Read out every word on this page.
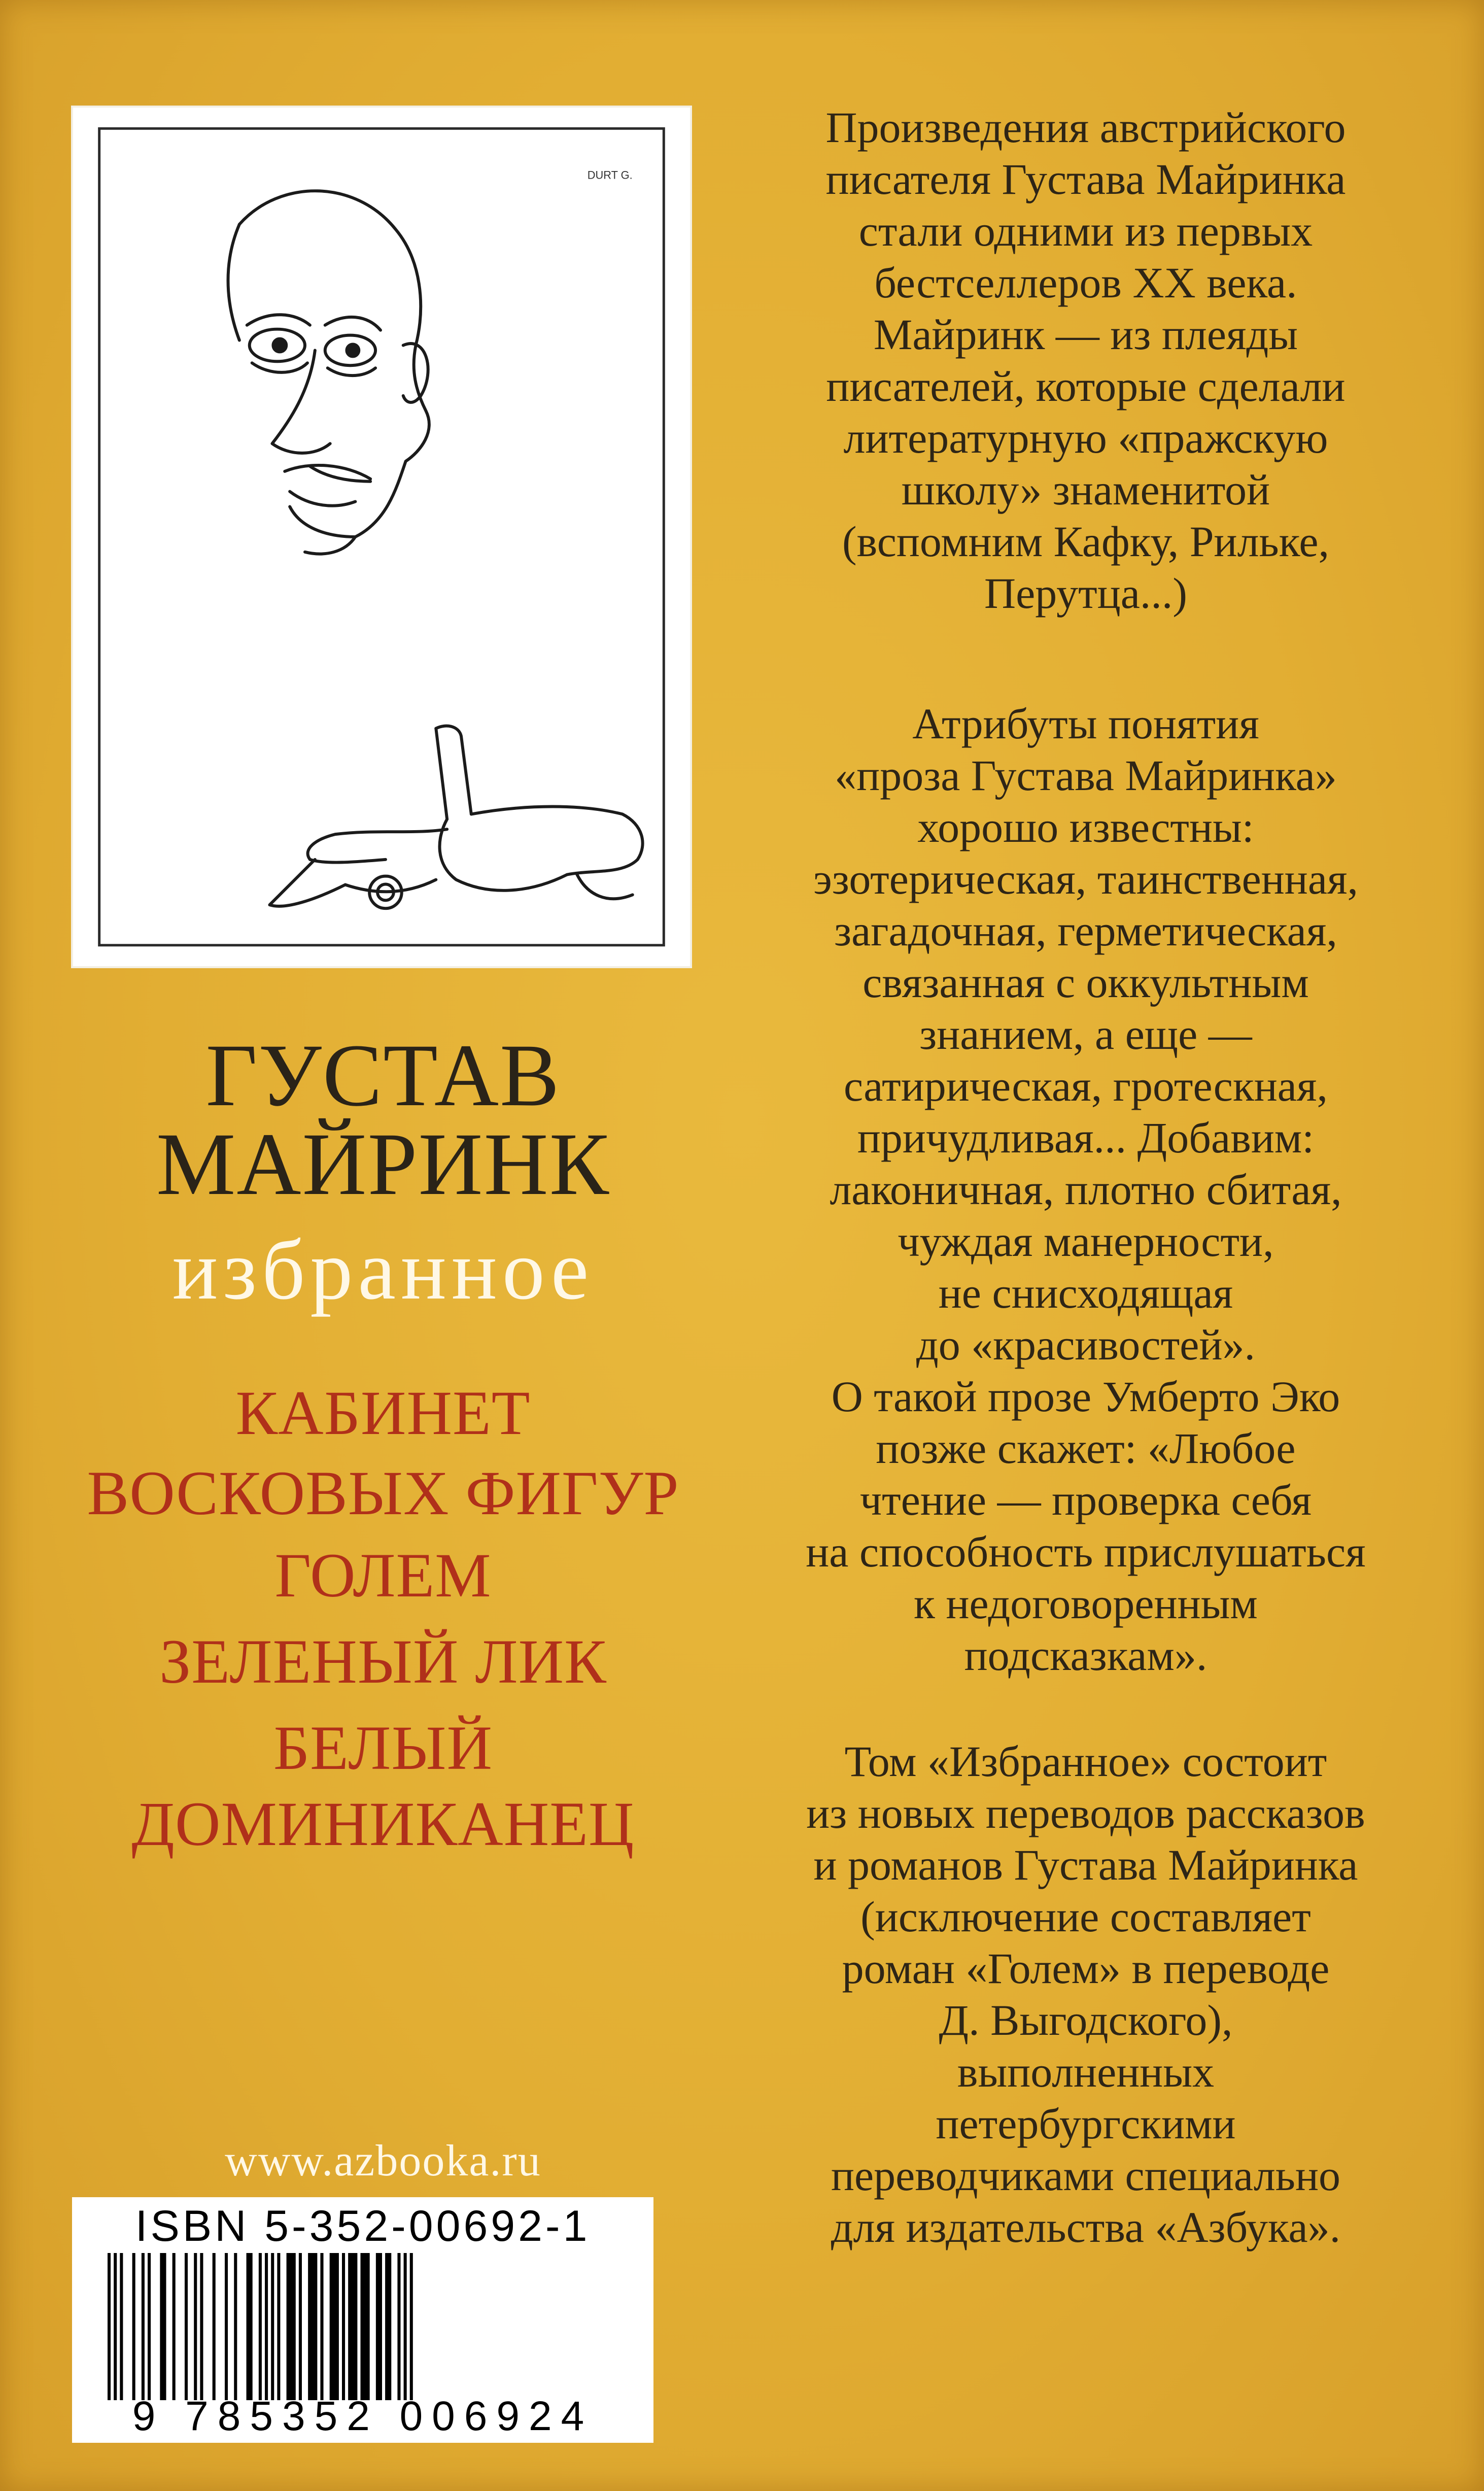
DURT G.
ГУСТАВ
МАЙРИНК
избранное
КАБИНЕТ
ВОСКОВЫХ ФИГУР
ГОЛЕМ
ЗЕЛЕНЫЙ ЛИК
БЕЛЫЙ
ДОМИНИКАНЕЦ
www.azbooka.ru
ISBN 5-352-00692-1
9 785352 006924
Произведения австрийского
писателя Густава Майринка
стали одними из первых
бестселлеров XX века.
Майринк — из плеяды
писателей, которые сделали
литературную «пражскую
школу» знаменитой
(вспомним Кафку, Рильке,
Перутца...)
Атрибуты понятия
«проза Густава Майринка»
хорошо известны:
эзотерическая, таинственная,
загадочная, герметическая,
связанная с оккультным
знанием, а еще —
сатирическая, гротескная,
причудливая... Добавим:
лаконичная, плотно сбитая,
чуждая манерности,
не снисходящая
до «красивостей».
О такой прозе Умберто Эко
позже скажет: «Любое
чтение — проверка себя
на способность прислушаться
к недоговоренным
подсказкам».
Том «Избранное» состоит
из новых переводов рассказов
и романов Густава Майринка
(исключение составляет
роман «Голем» в переводе
Д. Выгодского),
выполненных
петербургскими
переводчиками специально
для издательства «Азбука».
